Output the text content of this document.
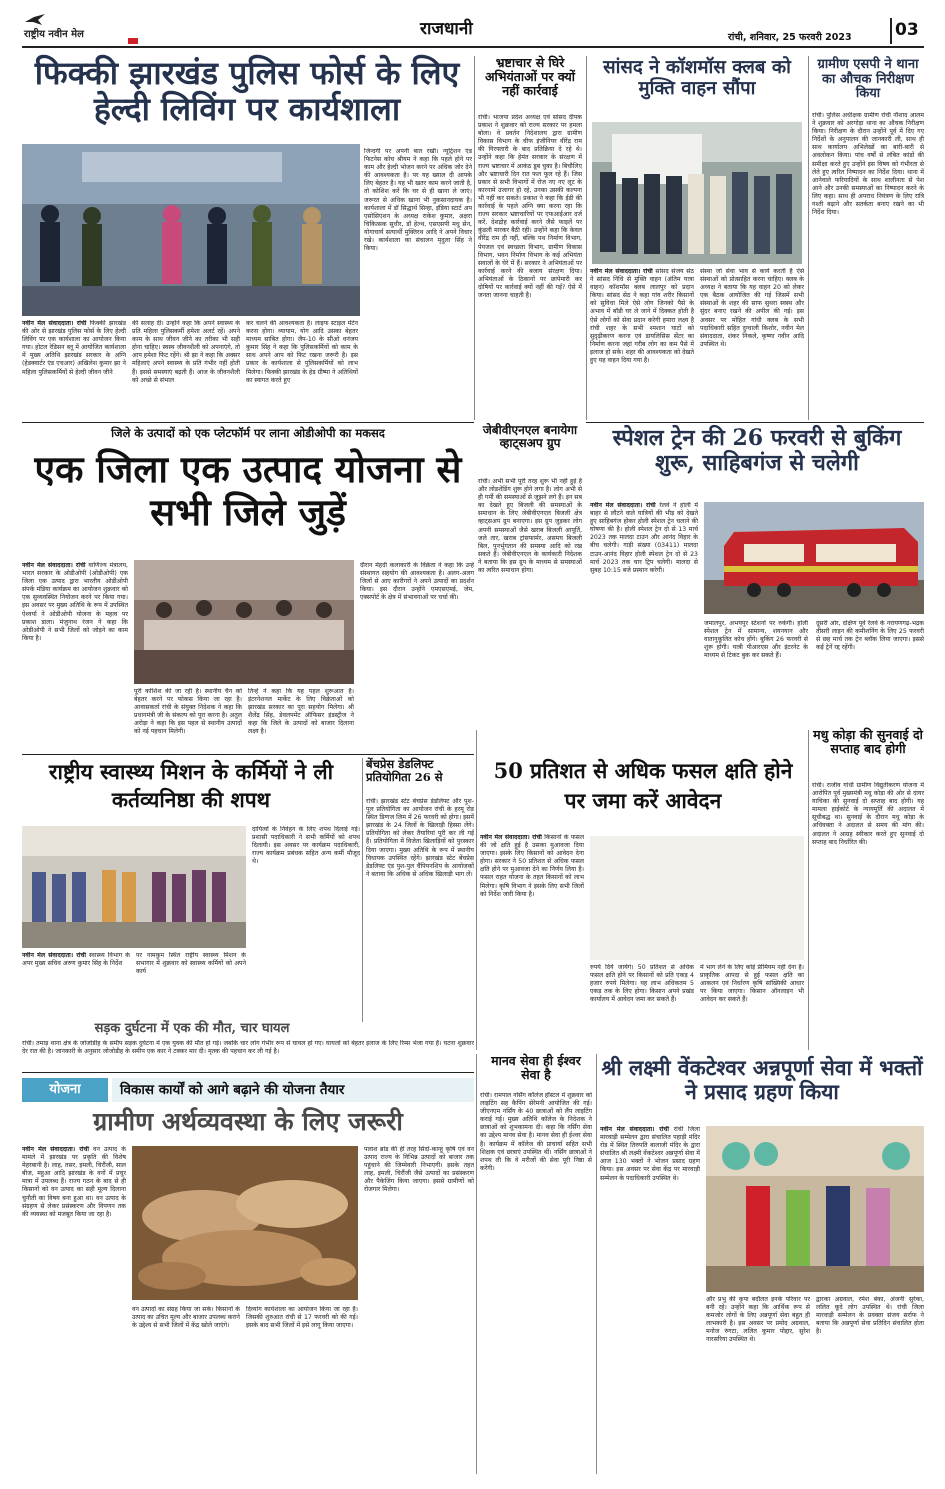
राष्ट्रीय नवीन मेल	राजधानी	रांची, शनिवार, 25 फरवरी 2023	03
फिक्की झारखंड पुलिस फोर्स के लिए हेल्दी लिविंग पर कार्यशाला
नवीन मेल संवाददाता। रांची फिक्की झारखंड की ओर से झारखंड पुलिस फोर्स के लिए हेल्दी लिविंग पर एक कार्यशाला का आयोजन किया गया। होटल रेडिसन ब्लू में आयोजित कार्यशाला में मुख्य अतिथि झारखंड सरकार के अग्नि (हेडक्वार्टर एंड एचआर) अखिलेश कुमार झा ने महिला पुलिसकर्मियों से हेल्दी जीवन जीने
की सलाह दी। उन्होंने कहा कि अपने स्वास्थ्य के प्रति महिला पुलिसकर्मी हमेशा अलर्ट रहें। अपने काम के साथ जीवन जीने का तरीका भी सही होना चाहिए। स्वस्थ जीवनशैली को अपनाएंगे, तो आप हमेशा फिट रहेंगे। श्री झा ने कहा कि अक्सर महिलाएं अपने स्वास्थ्य के प्रति गंभीर नहीं होती हैं। इससे समस्याएं बढ़ती हैं। आज के जीवनशैली को अच्छे से संभाल
कर चलने की आवश्यकता है। लाइफ स्टाइल मेंटेन करना होगा। व्यायाम, योग आदि उसका बेहतर माध्यम साबित होगा। जैप-10 के सीओ धनंजय कुमार सिंह ने कहा कि पुलिसकर्मियों को काम के साथ अपने आप को फिट रखना जरूरी है। इस प्रकार के कार्यशाला से पुलिसकर्मियों को लाभ मिलेगा। फिक्की झारखंड के हेड ग्रीष्मा ने अतिथियों का स्वागत करते हुए
जिन्दगी पर अपनी बात रखीं। न्यूट्रिशन एंड फिटनेस कोच श्रीयम ने कहा कि पहले होने पर काम और हेल्दी भोजन करने पर अधिक जोर देने की आवश्यकता है। पर यह ख्याल दी आपके लिए बेहतर है। यह भी खतर काम करने जाती है, तो कोशिश करें कि घर से ही खाना ले जाएं। जरूरत से अधिक खाना भी नुकसानदायक है। कार्यशाला में डॉ सिद्धार्थ सिन्हा, इंडिया स्टार्ट अप एसोसिएशन के अध्यक्ष राकेश कुमार, अक्षरा चिकित्सक सुधीर, डॉ हेल्थ, एसएसपी मधु सेन, योगाचार्य सत्यार्थी मुक्तिरथ आदि ने अपने विचार रखे। कार्यशाला का संचालन मृदुला सिंह ने किया।
भ्रष्टाचार से घिरे अभियंताओं पर क्यों नहीं कार्रवाई
रांची। भाजपा प्रदेश अध्यक्ष एवं सांसद दीपक प्रकाश ने शुक्रवार को राज्य सरकार पर हमला बोला। वे प्रवर्तन निदेशालय द्वारा ग्रामीण विकास विभाग के चीफ इंजीनियर वीरेंद्र राम की गिरफ्तारी के बाद प्रतिक्रिया दे रहे थे। उन्होंने कहा कि हेमंत सरकार के संरक्षण में राज्य भ्रष्टाचार में आकंठ डूब चुका है। बिचौलिए और भ्रष्टाचारी दिन रात फल फूल रहे हैं। जिस प्रकार से सभी विभागों में रोज नए नए लूट के कारनामे उजागर हो रहे, उनका उसकी कल्पना भी नहीं कर सकते। प्रकाश ने कहा कि ईडी की कार्रवाई के पहले अग्नि क्या करना रहा कि राज्य सरकार भ्रष्टाचारियों पर एफआईआर दर्ज करें, देशद्रोह कार्रवाई करने जैसे फाइलें पर कुंडली मारकर बैठी रही। उन्होंने कहा कि केवल वीरेंद्र राम ही नहीं, बल्कि पथ निर्माण विभाग, पेयजल एवं स्वच्छता विभाग, ग्रामीण विकास विभाग, भवन निर्माण विभाग के कई अभियंता सवालों के घेरे में हैं। सरकार ने अभियंताओं पर कार्रवाई करने की बजाय संरक्षण दिया। अभियंताओं के ठिकानों पर छापेमारी कर दोषियों पर कार्रवाई क्यों नहीं की गई? ऐसे में जनता जानना चाहती है।
सांसद ने कॉशमॉस क्लब को मुक्ति वाहन सौंपा
नवीन मेल संवाददाता। रांची सांसद संजय सेठ ने सांसद निधि से मुक्ति वाहन (अंतिम यात्रा वाहन) कॉशमॉस क्लब लालपुर को प्रदान किया। सांसद सेठ ने कहा गांव शरीर किसानों को सुविधा मिले ऐसे लोग जिनको पैसे के अभाव में बॉडी घर ले जाने में दिक्कत होती है ऐसे लोगों को सेवा प्रदान करेगी हमारा लक्ष्य है रांची शहर के सभी श्मशान घाटों को सुदृढ़ीकरण करना एवं डायलिसिस सेंटर का निर्माण करना जहां गरीब लोग का कम पैसे में इलाज हो सके। शहर की आवश्यकता को देखते हुए यह वाहन दिया गया है।
संस्था जो सेवा भाव से कार्य करती है ऐसे संस्थाओं को प्रोत्साहित करना चाहिए। क्लब के अध्यक्ष ने बताया कि यह वाहन 20 को लेकर एक बैठक आयोजित की गई जिसमें सभी संस्थाओं के शहर की साफ सुथरा स्वस्थ और सुंदर बनाए रखने की अपील की गई। इस अवसर पर मोहित गांधी क्लब के सभी पदाधिकारी सहित दुग्धाली किशोर, नवीन मेल संवाददाता, शंकर निकले, कृष्णा नवीन आदि उपस्थित थे।
ग्रामीण एसपी ने थाना का औचक निरीक्षण किया
रांची। पुलिस अधीक्षक ग्रामीण रांची नौशाद आलम ने शुक्रवार को अरगोड़ा थाना का औचक निरीक्षण किया। निरीक्षण के दौरान उन्होंने पूर्व में दिए गए निर्देशों के अनुपालन की जानकारी ली, साथ ही साथ कार्यालय अभिलेखों का बारी-बारी से अवलोकन किया। पांच वर्षों से लंबित कांडों की समीक्षा करते हुए उन्होंने इस विषय को गंभीरता से लेते हुए त्वरित निष्पादन का निर्देश दिया। थाना में आनेवाले फरियादियों के साथ शालीनता से पेश आने और उनकी समस्याओं का निष्पादन करने के लिए कहा। साथ ही अपराध नियंत्रण के लिए रात्रि गश्ती बढ़ाने और सतर्कता बनाए रखने का भी निर्देश दिया।
जिले के उत्पादों को एक प्लेटफॉर्म पर लाना ओडीओपी का मकसद
एक जिला एक उत्पाद योजना से सभी जिले जुड़ें
नवीन मेल संवाददाता। रांची वाणिज्य मंत्रालय, भारत सरकार के ओडीओपी (ओडीओपी) एक जिला एक उत्पाद द्वारा भारतीय ओडीओपी संपर्क मंडिया कार्यक्रम का आयोजन शुक्रवार को एक सुव्यवस्थित नियोजन करने पर किया गया। इस अवसर पर मुख्य अतिथि के रूप में उपस्थित ऐश्वर्या ने ओडीओपी योजना के महत्व पर प्रकाश डाला। मंजुनाथ रंजन ने कहा कि ओडीओपी ने सभी जिलों को जोड़ने का काम किया है।
पूरी कोशिश की जा रही है। स्थानीय चैन को बेहतर करने पर फोकस किया जा रहा है। आवासकर्ता रांची के संयुक्त निदेशक ने कहा कि प्रधानमंत्री जी के संकल्प को पूरा करना है। अतुल अरोड़ा ने कहा कि इस पहल से स्थानीय उत्पादों को नई पहचान मिलेगी।
तिन्हें ने कहा कि यह पहल शुरूआत है। इंटरनेशनल मार्केट के लिए विक्रेताओं को झारखंड सरकार का पूरा सहयोग मिलेगा। श्री शैलेंद्र सिंह, डेवलपमेंट ऑफिसर इंडस्ट्रीज ने कहा कि जिले के उत्पादों को बाजार दिलाना लक्ष्य है।
दौरान मेंहदी कलाकारी के विक्रेता ने कहा कि उन्हें संस्थागत सहयोग की आवश्यकता है। अलग-अलग जिलों से आए कारीगरों ने अपने उत्पादों का प्रदर्शन किया। इस दौरान उन्होंने एमएसएमई, जेम, एक्सपोर्ट के क्षेत्र में संभावनाओं पर चर्चा की।
जेबीवीएनएल बनायेगा व्हाट्सअप ग्रुप
रांची। अभी सभी पूरी तरह शुरू भी नहीं हुई है और लोडशेडिंग शुरू होने लगा है। लोग अभी से ही गर्मी की समस्याओं से जूझने लगे हैं। इन सब का देखते हुए बिजली की समस्याओं के समाधान के लिए जेबीवीएनएल बिजली क्षेत्र व्हाट्सअप ग्रुप बनाएगा। इस ग्रुप जुड़कर लोग अपनी समस्याओं जैसे खराब बिजली आपूर्ति, जले तार, खराब ट्रांसफार्मर, असमय बिजली बिल, पुनर्भुगतान की समस्या आदि को रख सकते हैं। जेबीवीएनएल के कार्यकारी निदेशक ने बताया कि इस ग्रुप के माध्यम से समस्याओं का त्वरित समाधान होगा।
स्पेशल ट्रेन की 26 फरवरी से बुकिंग शुरू, साहिबगंज से चलेगी
नवीन मेल संवाददाता। रांची रेलवे ने होली में बाहर से लौटने वाले यात्रियों की भीड़ को देखते हुए साहिबगंज होकर होली स्पेशल ट्रेन चलाने की घोषणा की है। होली स्पेशल ट्रेन दो से 13 मार्च 2023 तक मालदा टाउन और आनंद विहार के बीच चलेगी। गाड़ी संख्या (03411) मालदा टाउन-आनंद विहार होली स्पेशल ट्रेन दो से 23 मार्च 2023 तक चार ट्रिप चलेगी। मालदा से सुबह 10:15 बजे प्रस्थान करेगी।
जमालपुर, अभयपुर स्टेशनों पर रुकेगी। होली स्पेशल ट्रेन में सामान्य, शयनयान और वातानुकूलित कोच होंगे। बुकिंग 26 फरवरी से शुरू होगी। यात्री पीआरएस और इंटरनेट के माध्यम से टिकट बुक कर सकते हैं।
दूसरी ओर, दक्षिण पूर्व रेलवे के नरायणगढ़-भद्रक तीसरी लाइन की कमीशनिंग के लिए 25 फरवरी से छह मार्च तक ट्रेन ब्लॉक लिया जाएगा। इससे कई ट्रेनें रद्द रहेंगी।
राष्ट्रीय स्वास्थ्य मिशन के कर्मियों ने ली कर्तव्यनिष्ठा की शपथ
दायित्वों के निर्वहन के लिए शपथ दिलाई गई। प्रशासी पदाधिकारी ने सभी कर्मियों को शपथ दिलायी। इस अवसर पर कार्यक्रम पदाधिकारी, राज्य कार्यक्रम प्रबंधक सहित अन्य कर्मी मौजूद थे।
नवीन मेल संवाददाता। रांची स्वास्थ्य विभाग के अपर मुख्य सचिव अरुण कुमार सिंह के निर्देश
पर नामकुम स्थित राष्ट्रीय स्वास्थ्य मिशन के सभागार में शुक्रवार को स्वास्थ्य कर्मियों को अपने कार्य
बेंचप्रेस डेडलिफ्ट प्रतियोगिता 26 से
रांची। झारखंड स्टेट बेंचप्रेस डेडलिफ्ट और पुश-पुल प्रतियोगिता का आयोजन रांची के हरमू रोड स्थित डिग्गज जिम में 26 फरवरी को होगा। इसमें झारखंड के 24 जिलों के खिलाड़ी हिस्सा लेंगे। प्रतियोगिता को लेकर तैयारियां पूरी कर ली गई हैं। प्रतियोगिता में विजेता खिलाड़ियों को पुरस्कार दिया जाएगा। मुख्य अतिथि के रूप में स्थानीय विधायक उपस्थित रहेंगे। झारखंड स्टेट बेंचप्रेस डेडलिफ्ट एंड पुश-पुल चैंपियनशिप के आयोजकों ने बताया कि अधिक से अधिक खिलाड़ी भाग लें।
50 प्रतिशत से अधिक फसल क्षति होने पर जमा करें आवेदन
नवीन मेल संवाददाता। रांची किसानों के फसल की जो क्षति हुई है उसका मुआवजा दिया जाएगा। इसके लिए किसानों को आवेदन देना होगा। सरकार ने 50 प्रतिशत से अधिक फसल क्षति होने पर मुआवजा देने का निर्णय लिया है। फसल राहत योजना के तहत किसानों को लाभ मिलेगा। कृषि विभाग ने इसके लिए सभी जिलों को निर्देश जारी किया है।
रुपये दिये जायेंगे। 50 प्रतिशत से अधिक फसल क्षति होने पर किसानों को प्रति एकड़ 4 हजार रुपये मिलेगा। यह लाभ अधिकतम 5 एकड़ तक के लिए होगा। किसान अपने प्रखंड कार्यालय में आवेदन जमा कर सकते हैं।
में भाग लेने के लिए कोई प्रीमियम नहीं देना है। प्राकृतिक आपदा से हुई फसल क्षति का आकलन एवं निर्धारण कृषि सांख्यिकी आधार पर किया जाएगा। किसान ऑनलाइन भी आवेदन कर सकते हैं।
मधु कोड़ा की सुनवाई दो सप्ताह बाद होगी
रांची। राजीव गांधी ग्रामीण विद्युतीकरण योजना में आरोपित पूर्व मुख्यमंत्री मधु कोड़ा की ओर से दायर याचिका की सुनवाई दो सप्ताह बाद होगी। यह मामला हाईकोर्ट के न्यायमूर्ति की अदालत में सूचीबद्ध था। सुनवाई के दौरान मधु कोड़ा के अधिवक्ता ने अदालत से समय की मांग की। अदालत ने आग्रह स्वीकार करते हुए सुनवाई दो सप्ताह बाद निर्धारित की।
सड़क दुर्घटना में एक की मौत, चार घायल
रांची। तमाड़ थाना क्षेत्र के जोजोडीह के समीप सड़क दुर्घटना में एक युवक की मौत हो गई। जबकि चार लोग गंभीर रूप से घायल हो गए। घायलों को बेहतर इलाज के लिए रिम्स भेजा गया है। घटना शुक्रवार देर रात की है। जानकारी के अनुसार जोजोडीह के समीप एक कार ने टक्कर मार दी। मृतक की पहचान कर ली गई है।
योजना	विकास कार्यों को आगे बढ़ाने की योजना तैयार
ग्रामीण अर्थव्यवस्था के लिए जरूरी
नवीन मेल संवाददाता। रांची वन उत्पाद के मामले में झारखंड पर प्रकृति की विशेष मेहरबानी है। लाह, तसर, इमली, चिरौंजी, साल बीज, महुआ आदि झारखंड के वनों में प्रचुर मात्रा में उपलब्ध हैं। राज्य गठन के बाद से ही किसानों को वन उत्पाद का सही मूल्य दिलाना चुनौती का विषय बना हुआ था। वन उत्पाद के संग्रहण से लेकर प्रसंस्करण और विपणन तक की व्यवस्था को मजबूत किया जा रहा है।
वन उत्पादों का संग्रह किया जा सके। किसानों के उत्पाद का उचित मूल्य और बाजार उपलब्ध कराने के उद्देश्य से सभी जिलों में केंद्र खोले जाएंगे।
दिव्यांग कार्यशाला का आयोजन किया जा रहा है। जिसकी शुरुआत रांची से 17 फरवरी को की गई। इसके बाद सभी जिलों में इसे लागू किया जाएगा।
पलाश ब्रांड की ही तरह सिदो-कान्हू कृषि एवं वन उत्पाद राज्य के विभिन्न उत्पादों को बाजार तक पहुंचाने की जिम्मेवारी निभाएगी। इसके तहत लाह, इमली, चिरौंजी जैसे उत्पादों का प्रसंस्करण और पैकेजिंग किया जाएगा। इससे ग्रामीणों को रोजगार मिलेगा।
मानव सेवा ही ईश्वर सेवा है
रांची। रामपाल नर्सिंग कॉलेज हॉस्टल में शुक्रवार को लाइटिंग सह कैपिंग सेरेमनी आयोजित की गई। जीएनएम नर्सिंग के 40 छात्राओं को लैंप लाइटिंग कराई गई। मुख्य अतिथि कॉलेज के निदेशक ने छात्राओं को शुभकामना दी। कहा कि नर्सिंग सेवा का उद्देश्य मानव सेवा है। मानव सेवा ही ईश्वर सेवा है। कार्यक्रम में कॉलेज की प्राचार्या सहित सभी शिक्षक एवं छात्राएं उपस्थित थीं। नर्सिंग छात्राओं ने शपथ ली कि वे मरीजों की सेवा पूरी निष्ठा से करेंगी।
श्री लक्ष्मी वेंकटेश्वर अन्नपूर्णा सेवा में भक्तों ने प्रसाद ग्रहण किया
नवीन मेल संवाददाता। रांची रांची जिला मारवाड़ी सम्मेलन द्वारा संचालित पहाड़ी मंदिर रोड में स्थित तिरुपति बालाजी मंदिर के द्वारा संचालित श्री लक्ष्मी वेंकटेश्वर अन्नपूर्णा सेवा में आज 130 भक्तों ने भोजन प्रसाद ग्रहण किया। इस अवसर पर सेवा केंद्र पर मारवाड़ी सम्मेलन के पदाधिकारी उपस्थित थे।
और प्रभु की कृपा बदौलत इनके परिवार पर बनी रहे। उन्होंने कहा कि आर्थिक रूप से कमजोर लोगों के लिए अन्नपूर्णा सेवा बहुत ही लाभकारी है। इस अवसर पर प्रमोद अग्रवाल, मनोज रुंगटा, ललित कुमार पोद्दार, सुरेश नारसरिया उपस्थित थे।
द्वारका अग्रवाल, रमेश बंका, अंजनी सुरेका, ललित कूदे लोग उपस्थित थे। रांची जिला मारवाड़ी सम्मेलन के प्रवक्ता संजय सर्राफ ने बताया कि अन्नपूर्णा सेवा प्रतिदिन संचालित होता है।
